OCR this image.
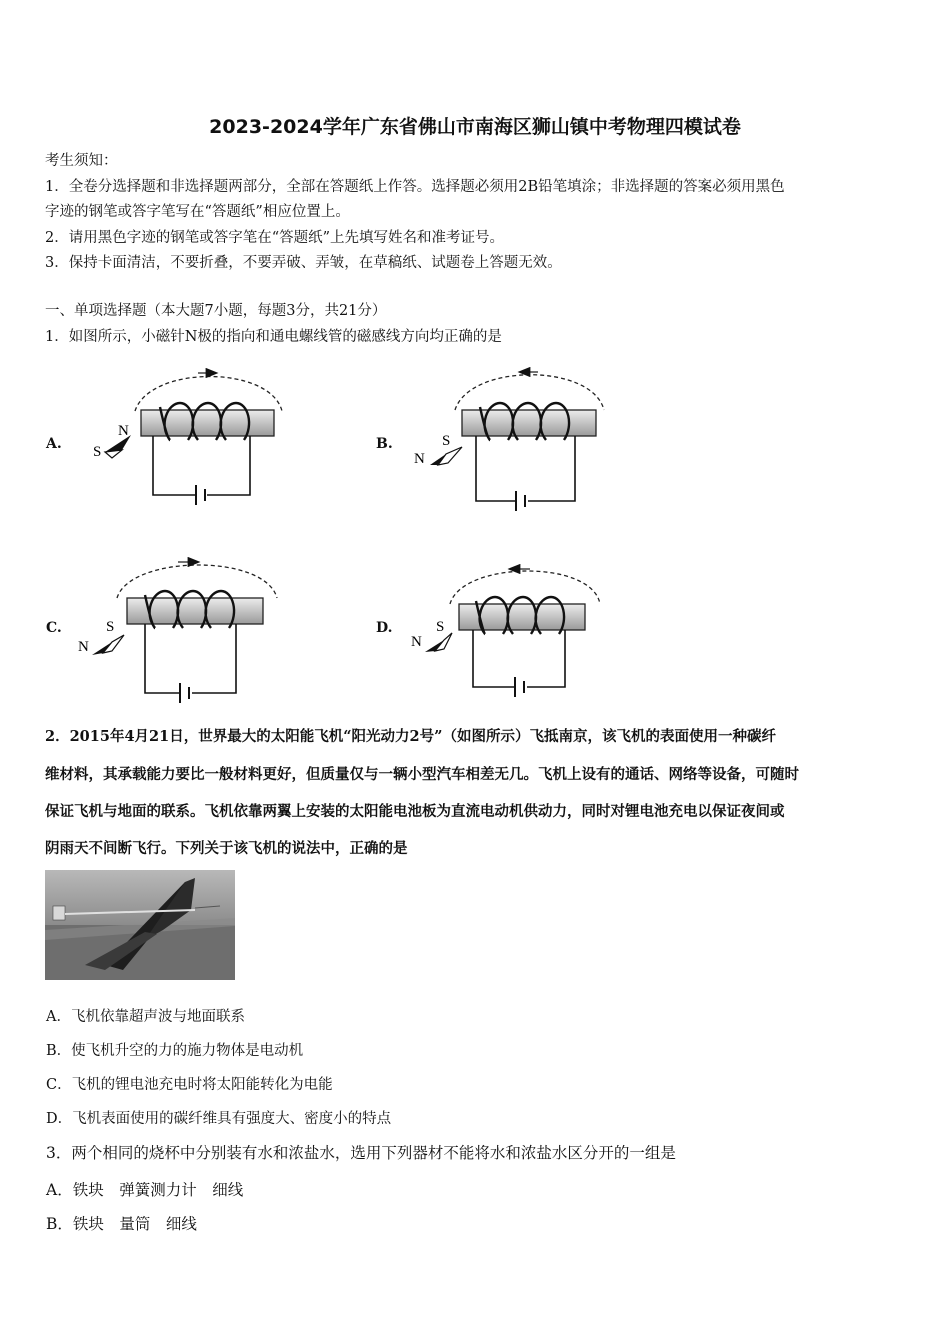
2023-2024学年广东省佛山市南海区狮山镇中考物理四模试卷
考生须知：
1．全卷分选择题和非选择题两部分，全部在答题纸上作答。选择题必须用2B铅笔填涂；非选择题的答案必须用黑色
字迹的钢笔或答字笔写在“答题纸”相应位置上。
2．请用黑色字迹的钢笔或答字笔在“答题纸”上先填写姓名和准考证号。
3．保持卡面清洁，不要折叠，不要弄破、弄皱，在草稿纸、试题卷上答题无效。
一、单项选择题（本大题7小题，每题3分，共21分）
1．如图所示，小磁针N极的指向和通电螺线管的磁感线方向均正确的是
N
S
S
N
S
N
S
N
A.	B.
C.	D.
2．2015年4月21日，世界最大的太阳能飞机“阳光动力2号”（如图所示）飞抵南京，该飞机的表面使用一种碳纤
维材料，其承载能力要比一般材料更好，但质量仅与一辆小型汽车相差无几。飞机上设有的通话、网络等设备，可随时
保证飞机与地面的联系。飞机依靠两翼上安装的太阳能电池板为直流电动机供动力，同时对锂电池充电以保证夜间或
阴雨天不间断飞行。下列关于该飞机的说法中，正确的是
A．飞机依靠超声波与地面联系
B．使飞机升空的力的施力物体是电动机
C．飞机的锂电池充电时将太阳能转化为电能
D．飞机表面使用的碳纤维具有强度大、密度小的特点
3．两个相同的烧杯中分别装有水和浓盐水，选用下列器材不能将水和浓盐水区分开的一组是
A．铁块　弹簧测力计　细线
B．铁块　量筒　细线
